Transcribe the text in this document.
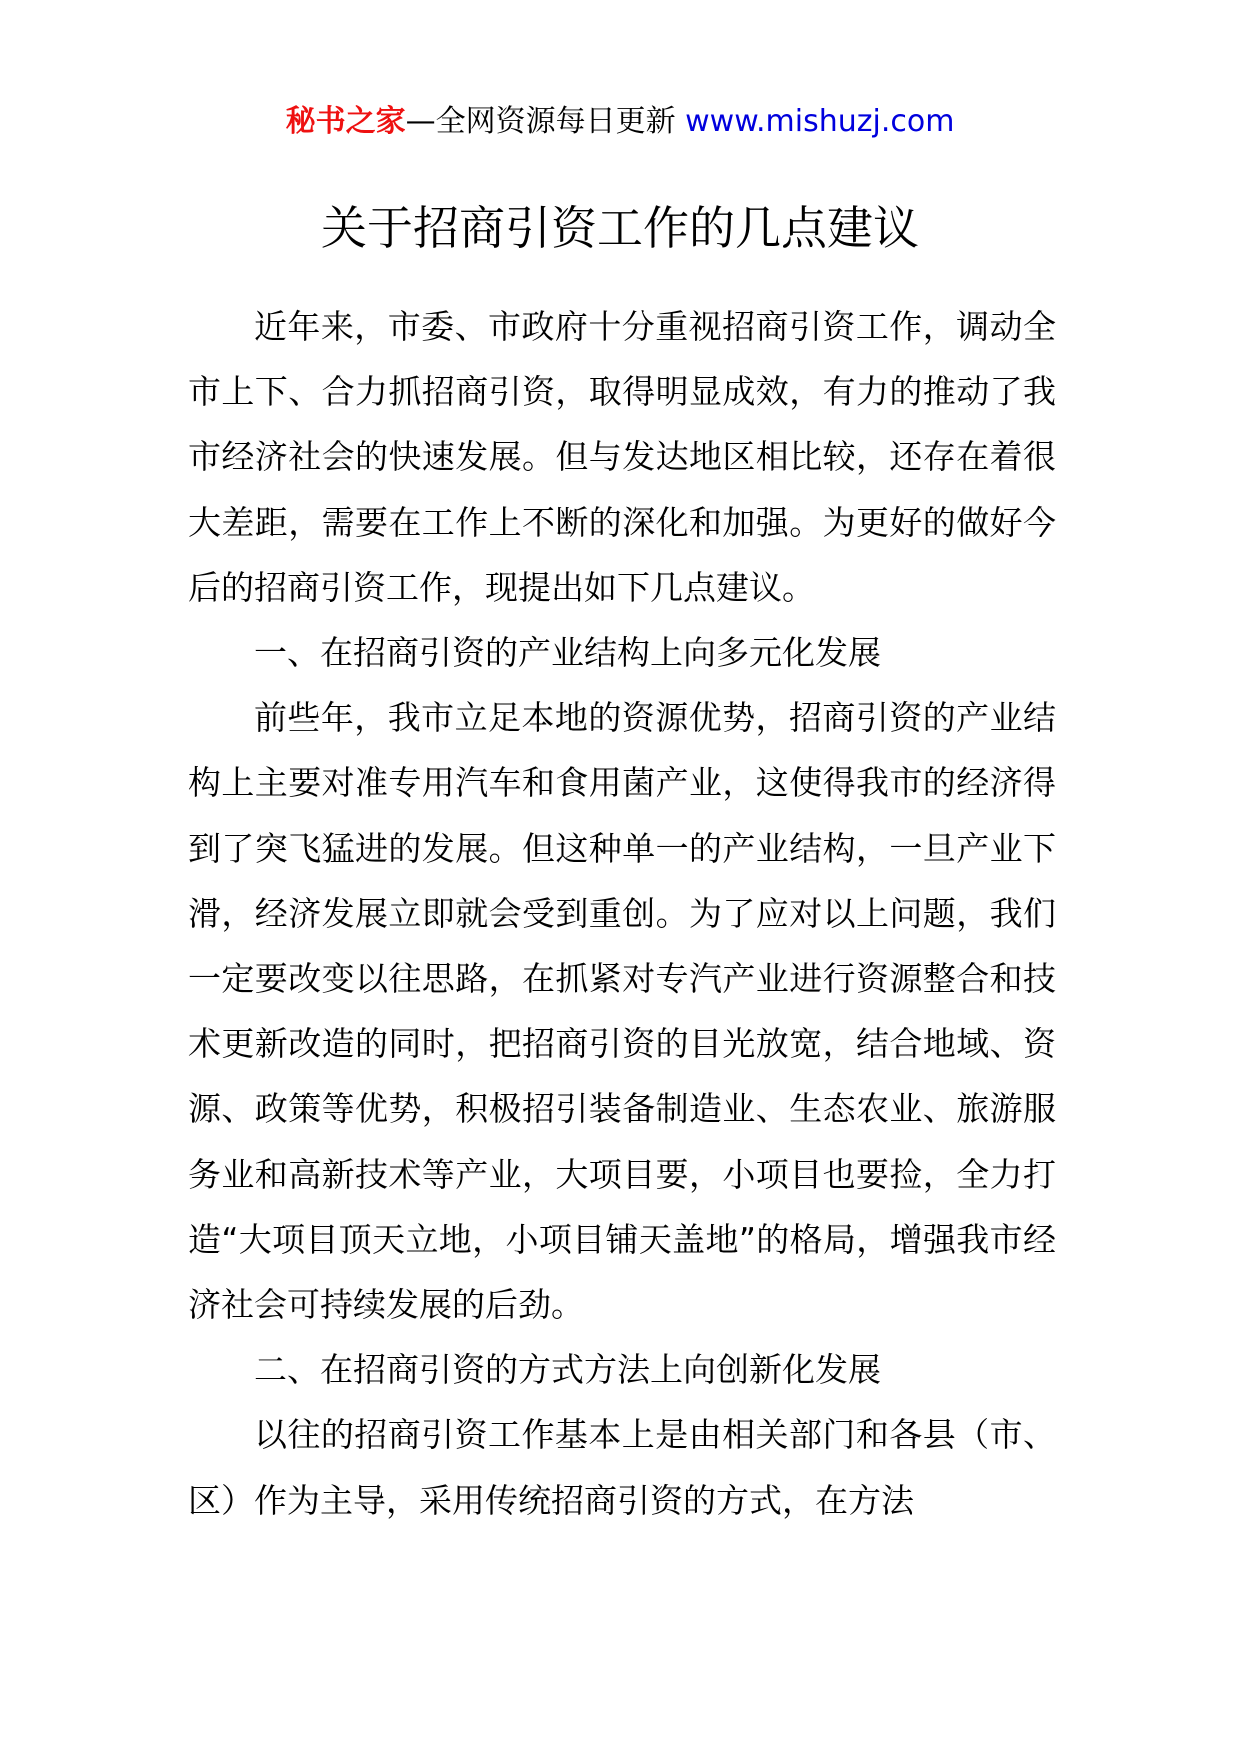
秘书之家—全网资源每日更新 www.mishuzj.com
关于招商引资工作的几点建议

近年来，市委、市政府十分重视招商引资工作，调动全市上下、合力抓招商引资，取得明显成效，有力的推动了我市经济社会的快速发展。但与发达地区相比较，还存在着很大差距，需要在工作上不断的深化和加强。为更好的做好今后的招商引资工作，现提出如下几点建议。

一、在招商引资的产业结构上向多元化发展

前些年，我市立足本地的资源优势，招商引资的产业结构上主要对准专用汽车和食用菌产业，这使得我市的经济得到了突飞猛进的发展。但这种单一的产业结构，一旦产业下滑，经济发展立即就会受到重创。为了应对以上问题，我们一定要改变以往思路，在抓紧对专汽产业进行资源整合和技术更新改造的同时，把招商引资的目光放宽，结合地域、资源、政策等优势，积极招引装备制造业、生态农业、旅游服务业和高新技术等产业，大项目要，小项目也要捡，全力打造“大项目顶天立地，小项目铺天盖地”的格局，增强我市经济社会可持续发展的后劲。

二、在招商引资的方式方法上向创新化发展

以往的招商引资工作基本上是由相关部门和各县（市、区）作为主导，采用传统招商引资的方式，在方法
